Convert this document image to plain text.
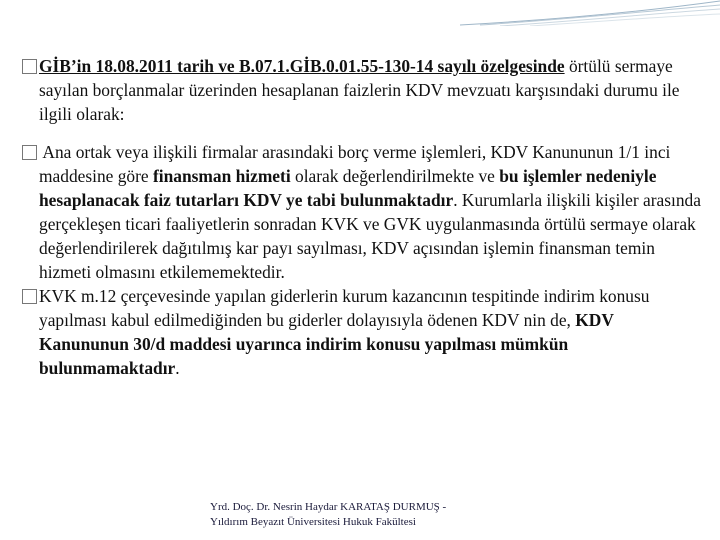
GİB’in 18.08.2011 tarih ve B.07.1.GİB.0.01.55-130-14 sayılı özelgesinde örtülü sermaye sayılan borçlanmalar üzerinden hesaplanan faizlerin KDV mevzuatı karşısındaki durumu ile ilgili olarak:

Ana ortak veya ilişkili firmalar arasındaki borç verme işlemleri, KDV Kanununun 1/1 inci maddesine göre finansman hizmeti olarak değerlendirilmekte ve bu işlemler nedeniyle hesaplanacak faiz tutarları KDV ye tabi bulunmaktadır. Kurumlarla ilişkili kişiler arasında gerçekleşen ticari faaliyetlerin sonradan KVK ve GVK uygulanmasında örtülü sermaye olarak değerlendirilerek dağıtılmış kar payı sayılması, KDV açısından işlemin finansman temin hizmeti olmasını etkilememektedir.

KVK m.12 çerçevesinde yapılan giderlerin kurum kazancının tespitinde indirim konusu yapılması kabul edilmediğinden bu giderler dolayısıyla ödenen KDV nin de, KDV Kanununun 30/d maddesi uyarınca indirim konusu yapılması mümkün bulunmamaktadır.

Yrd. Doç. Dr. Nesrin Haydar KARATAŞ DURMUŞ -
Yıldırım Beyazıt Üniversitesi Hukuk Fakültesi
